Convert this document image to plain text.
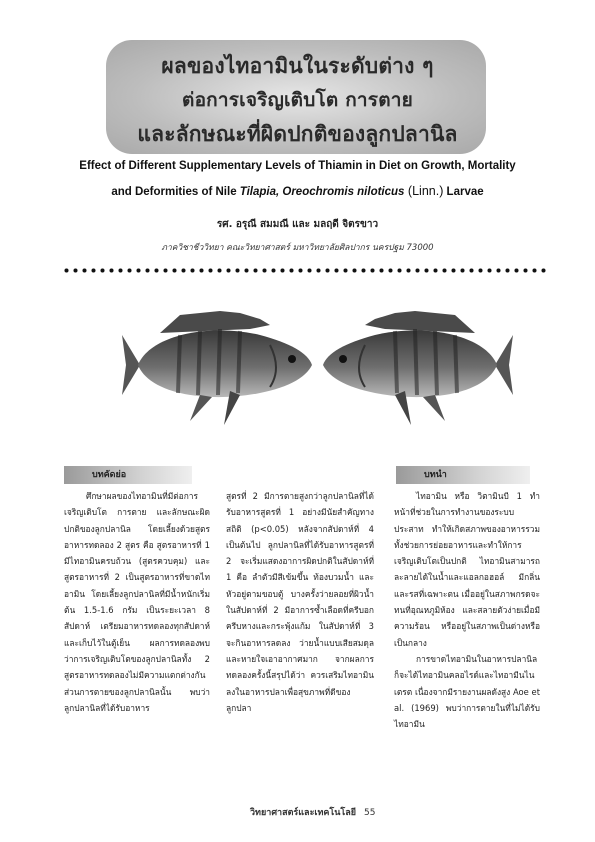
ผลของไทอามินในระดับต่าง ๆ
ต่อการเจริญเติบโต การตาย
และลักษณะที่ผิดปกติของลูกปลานิล
Effect of Different Supplementary Levels of Thiamin in Diet on Growth, Mortality
and Deformities of Nile Tilapia, Oreochromis niloticus (Linn.) Larvae
รศ. อรุณี สมมณี และ มลฤดี จิตรขาว
ภาควิชาชีววิทยา คณะวิทยาศาสตร์ มหาวิทยาลัยศิลปากร นครปฐม 73000
บทคัดย่อ	บทนำ

ศึกษาผลของไทอามินที่มีต่อการเจริญเติบโต การตาย และลักษณะผิดปกติของลูกปลานิล โดยเลี้ยงด้วยสูตรอาหารทดลอง 2 สูตร คือ สูตรอาหารที่ 1 มีไทอามินครบถ้วน (สูตรควบคุม) และสูตรอาหารที่ 2 เป็นสูตรอาหารที่ขาดไทอามิน โดยเลี้ยงลูกปลานิลที่มีน้ำหนักเริ่มต้น 1.5-1.6 กรัม เป็นระยะเวลา 8 สัปดาห์ เตรียมอาหารทดลองทุกสัปดาห์ และเก็บไว้ในตู้เย็น ผลการทดลองพบว่าการเจริญเติบโตของลูกปลานิลทั้ง 2 สูตรอาหารทดลองไม่มีความแตกต่างกัน ส่วนการตายของลูกปลานิลนั้น พบว่าลูกปลานิลที่ได้รับอาหาร

สูตรที่ 2 มีการตายสูงกว่าลูกปลานิลที่ได้รับอาหารสูตรที่ 1 อย่างมีนัยสำคัญทางสถิติ (p<0.05) หลังจากสัปดาห์ที่ 4 เป็นต้นไป ลูกปลานิลที่ได้รับอาหารสูตรที่ 2 จะเริ่มแสดงอาการผิดปกติในสัปดาห์ที่ 1 คือ ลำตัวมีสีเข้มขึ้น ท้องบวมน้ำ และหัวอยู่ตามขอบตู้ บางครั้งว่ายลอยที่ผิวน้ำ ในสัปดาห์ที่ 2 มีอาการซ้ำเลือดที่ครีบอก ครีบหางและกระพุ้งแก้ม ในสัปดาห์ที่ 3 จะกินอาหารลดลง ว่ายน้ำแบบเสียสมดุลและหายใจเอาอากาศมาก จากผลการทดลองครั้งนี้สรุปได้ว่า ควรเสริมไทอามินลงในอาหารปลาเพื่อสุขภาพที่ดีของลูกปลา

ไทอามิน หรือ วิตามินบี 1 ทำหน้าที่ช่วยในการทำงานของระบบประสาท ทำให้เกิดสภาพของอาหารรวมทั้งช่วยการย่อยอาหารและทำให้การเจริญเติบโตเป็นปกติ ไทอามินสามารถละลายได้ในน้ำและแอลกอฮอล์ มีกลิ่นและรสที่เฉพาะตน เมื่ออยู่ในสภาพกรดจะทนที่อุณหภูมิห้อง และสลายตัวง่ายเมื่อมีความร้อน หรืออยู่ในสภาพเป็นด่างหรือเป็นกลาง

การขาดไทอามินในอาหารปลานิล ก็จะได้ไทอามินคลอไรด์และไทอามีนไนเตรต เนื่องจากมีรายงานผลดังสูง Aoe et al. (1969) พบว่าการตายในที่ไม่ได้รับไทอามีน

วิทยาศาสตร์และเทคโนโลยี 55
